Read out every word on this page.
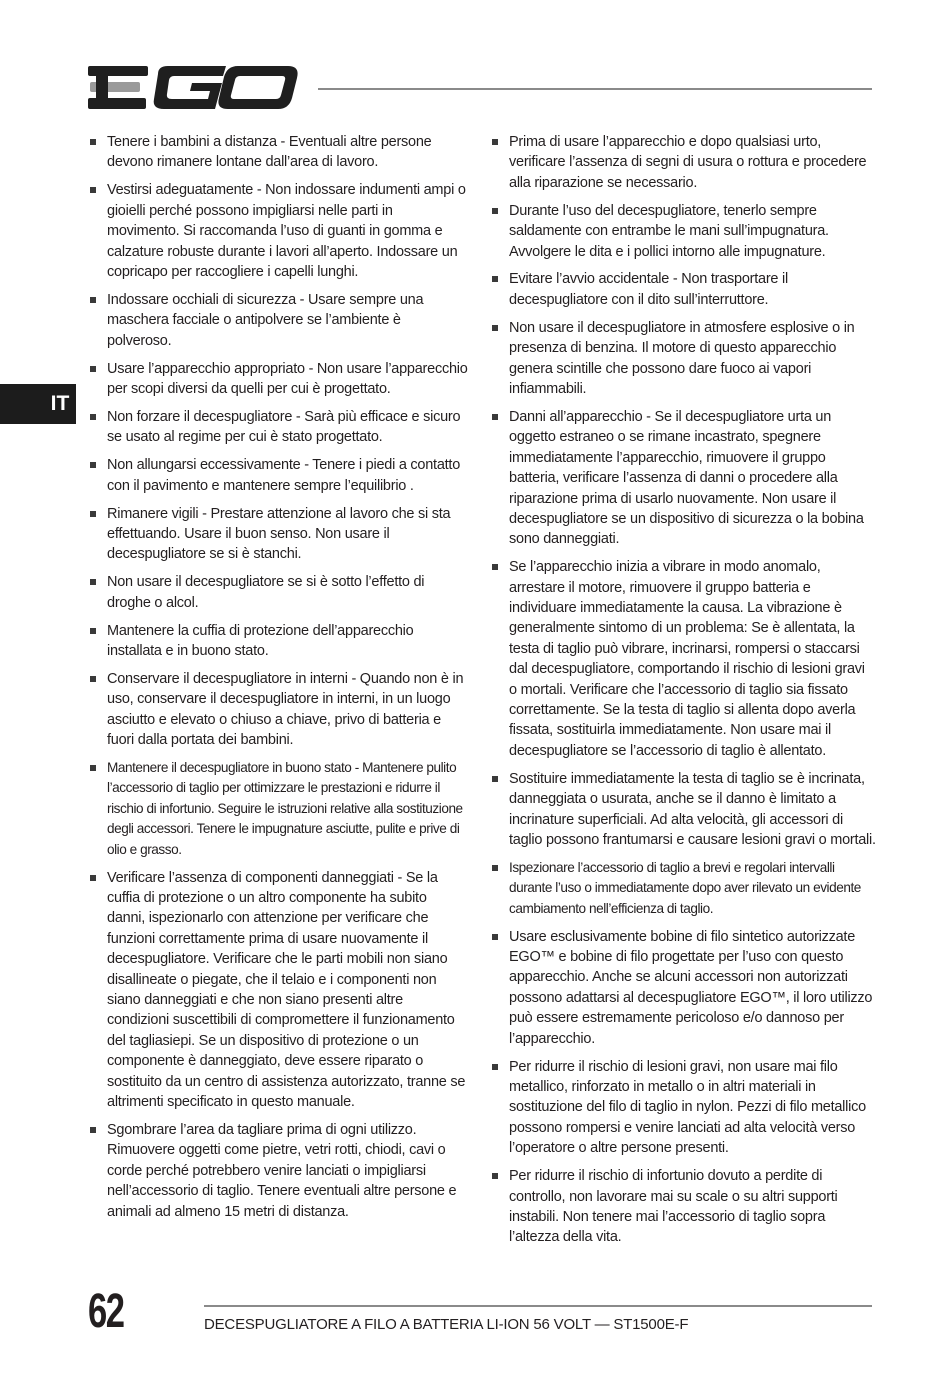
IT
Tenere i bambini a distanza - Eventuali altre persone devono rimanere lontane dall’area di lavoro.
Vestirsi adeguatamente - Non indossare indumenti ampi o gioielli perché possono impigliarsi nelle parti in movimento. Si raccomanda l’uso di guanti in gomma e calzature robuste durante i lavori all’aperto. Indossare un copricapo per raccogliere i capelli lunghi.
Indossare occhiali di sicurezza - Usare sempre una maschera facciale o antipolvere se l’ambiente è polveroso.
Usare l’apparecchio appropriato - Non usare l’apparecchio per scopi diversi da quelli per cui è progettato.
Non forzare il decespugliatore - Sarà più efficace e sicuro se usato al regime per cui è stato progettato.
Non allungarsi eccessivamente - Tenere i piedi a contatto con il pavimento e mantenere sempre l’equilibrio .
Rimanere vigili - Prestare attenzione al lavoro che si sta effettuando. Usare il buon senso. Non usare il decespugliatore se si è stanchi.
Non usare il decespugliatore se si è sotto l’effetto di droghe o alcol.
Mantenere la cuffia di protezione dell’apparecchio installata e in buono stato.
Conservare il decespugliatore in interni - Quando non è in uso, conservare il decespugliatore in interni, in un luogo asciutto e elevato o chiuso a chiave, privo di batteria e fuori dalla portata dei bambini.
Mantenere il decespugliatore in buono stato - Mantenere pulito l’accessorio di taglio per ottimizzare le prestazioni e ridurre il rischio di infortunio. Seguire le istruzioni relative alla sostituzione degli accessori. Tenere le impugnature asciutte, pulite e prive di olio e grasso.
Verificare l’assenza di componenti danneggiati - Se la cuffia di protezione o un altro componente ha subito danni, ispezionarlo con attenzione per verificare che funzioni correttamente prima di usare nuovamente il decespugliatore. Verificare che le parti mobili non siano disallineate o piegate, che il telaio e i componenti non siano danneggiati e che non siano presenti altre condizioni suscettibili di compromettere il funzionamento del tagliasiepi. Se un dispositivo di protezione o un componente è danneggiato, deve essere riparato o sostituito da un centro di assistenza autorizzato, tranne se altrimenti specificato in questo manuale.
Sgombrare l’area da tagliare prima di ogni utilizzo. Rimuovere oggetti come pietre, vetri rotti, chiodi, cavi o corde perché potrebbero venire lanciati o impigliarsi nell’accessorio di taglio. Tenere eventuali altre persone e animali ad almeno 15 metri di distanza.
Prima di usare l’apparecchio e dopo qualsiasi urto, verificare l’assenza di segni di usura o rottura e procedere alla riparazione se necessario.
Durante l’uso del decespugliatore, tenerlo sempre saldamente con entrambe le mani sull’impugnatura. Avvolgere le dita e i pollici intorno alle impugnature.
Evitare l’avvio accidentale - Non trasportare il decespugliatore con il dito sull’interruttore.
Non usare il decespugliatore in atmosfere esplosive o in presenza di benzina. Il motore di questo apparecchio genera scintille che possono dare fuoco ai vapori infiammabili.
Danni all’apparecchio - Se il decespugliatore urta un oggetto estraneo o se rimane incastrato, spegnere immediatamente l’apparecchio, rimuovere il gruppo batteria, verificare l’assenza di danni o procedere alla riparazione prima di usarlo nuovamente. Non usare il decespugliatore se un dispositivo di sicurezza o la bobina sono danneggiati.
Se l’apparecchio inizia a vibrare in modo anomalo, arrestare il motore, rimuovere il gruppo batteria e individuare immediatamente la causa. La vibrazione è generalmente sintomo di un problema: Se è allentata, la testa di taglio può vibrare, incrinarsi, rompersi o staccarsi dal decespugliatore, comportando il rischio di lesioni gravi o mortali. Verificare che l’accessorio di taglio sia fissato correttamente. Se la testa di taglio si allenta dopo averla fissata, sostituirla immediatamente. Non usare mai il decespugliatore se l’accessorio di taglio è allentato.
Sostituire immediatamente la testa di taglio se è incrinata, danneggiata o usurata, anche se il danno è limitato a incrinature superficiali. Ad alta velocità, gli accessori di taglio possono frantumarsi e causare lesioni gravi o mortali.
Ispezionare l’accessorio di taglio a brevi e regolari intervalli durante l’uso o immediatamente dopo aver rilevato un evidente cambiamento nell’efficienza di taglio.
Usare esclusivamente bobine di filo sintetico autorizzate EGO™ e bobine di filo progettate per l’uso con questo apparecchio. Anche se alcuni accessori non autorizzati possono adattarsi al decespugliatore EGO™, il loro utilizzo può essere estremamente pericoloso e/o dannoso per l’apparecchio.
Per ridurre il rischio di lesioni gravi, non usare mai filo metallico, rinforzato in metallo o in altri materiali in sostituzione del filo di taglio in nylon. Pezzi di filo metallico possono rompersi e venire lanciati ad alta velocità verso l’operatore o altre persone presenti.
Per ridurre il rischio di infortunio dovuto a perdite di controllo, non lavorare mai su scale o su altri supporti instabili. Non tenere mai l’accessorio di taglio sopra l’altezza della vita.
62	DECESPUGLIATORE A FILO A BATTERIA LI-ION 56 VOLT — ST1500E-F
